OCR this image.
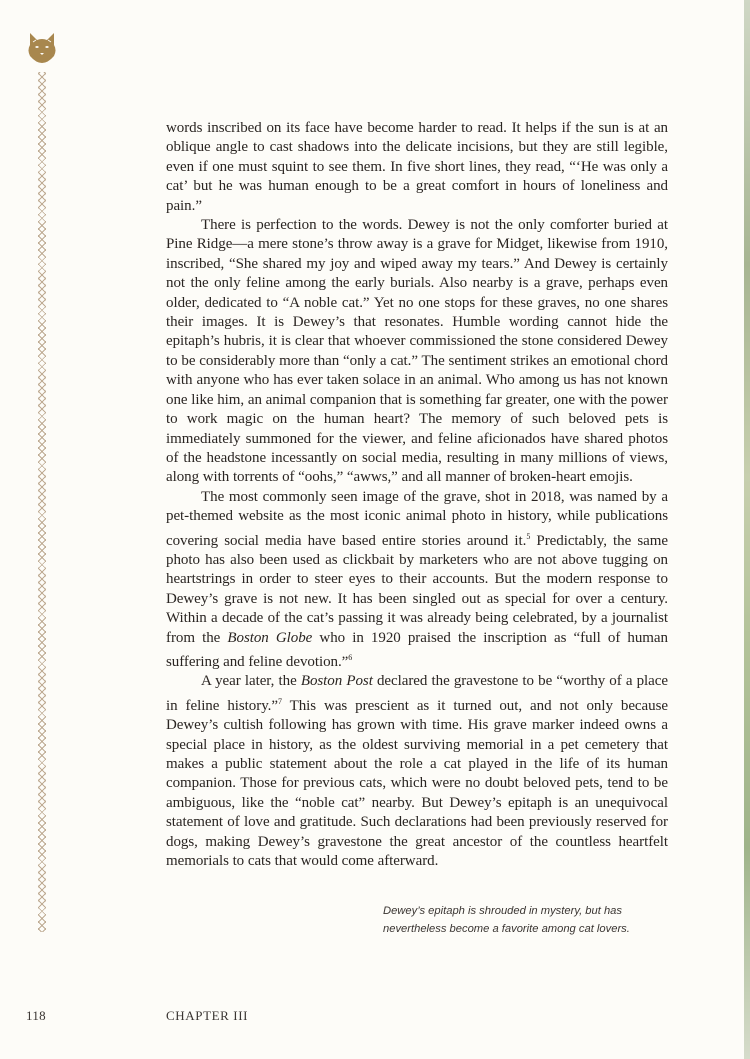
words inscribed on its face have become harder to read. It helps if the sun is at an oblique angle to cast shadows into the delicate incisions, but they are still legible, even if one must squint to see them. In five short lines, they read, “‘He was only a cat’ but he was human enough to be a great comfort in hours of loneliness and pain.”

There is perfection to the words. Dewey is not the only comforter buried at Pine Ridge—a mere stone’s throw away is a grave for Midget, likewise from 1910, inscribed, “She shared my joy and wiped away my tears.” And Dewey is certainly not the only feline among the early burials. Also nearby is a grave, perhaps even older, dedicated to “A noble cat.” Yet no one stops for these graves, no one shares their images. It is Dewey’s that resonates. Humble wording cannot hide the epitaph’s hubris, it is clear that whoever commissioned the stone considered Dewey to be considerably more than “only a cat.” The sentiment strikes an emotional chord with anyone who has ever taken solace in an animal. Who among us has not known one like him, an animal companion that is something far greater, one with the power to work magic on the human heart? The memory of such beloved pets is immediately summoned for the viewer, and feline aficionados have shared photos of the headstone incessantly on social media, resulting in many millions of views, along with torrents of “oohs,” “awws,” and all manner of broken-heart emojis.

The most commonly seen image of the grave, shot in 2018, was named by a pet-themed website as the most iconic animal photo in history, while publications covering social media have based entire stories around it.$^5$ Predictably, the same photo has also been used as clickbait by marketers who are not above tugging on heartstrings in order to steer eyes to their accounts. But the modern response to Dewey’s grave is not new. It has been singled out as special for over a century. Within a decade of the cat’s passing it was already being celebrated, by a journalist from the Boston Globe who in 1920 praised the inscription as “full of human suffering and feline devotion.”$^6$

A year later, the Boston Post declared the gravestone to be “worthy of a place in feline history.”$^7$ This was prescient as it turned out, and not only because Dewey’s cultish following has grown with time. His grave marker indeed owns a special place in history, as the oldest surviving memorial in a pet cemetery that makes a public statement about the role a cat played in the life of its human companion. Those for previous cats, which were no doubt beloved pets, tend to be ambiguous, like the “noble cat” nearby. But Dewey’s epitaph is an unequivocal statement of love and gratitude. Such declarations had been previously reserved for dogs, making Dewey’s gravestone the great ancestor of the countless heartfelt memorials to cats that would come afterward.

Dewey’s epitaph is shrouded in mystery, but has
nevertheless become a favorite among cat lovers.
118	CHAPTER III
